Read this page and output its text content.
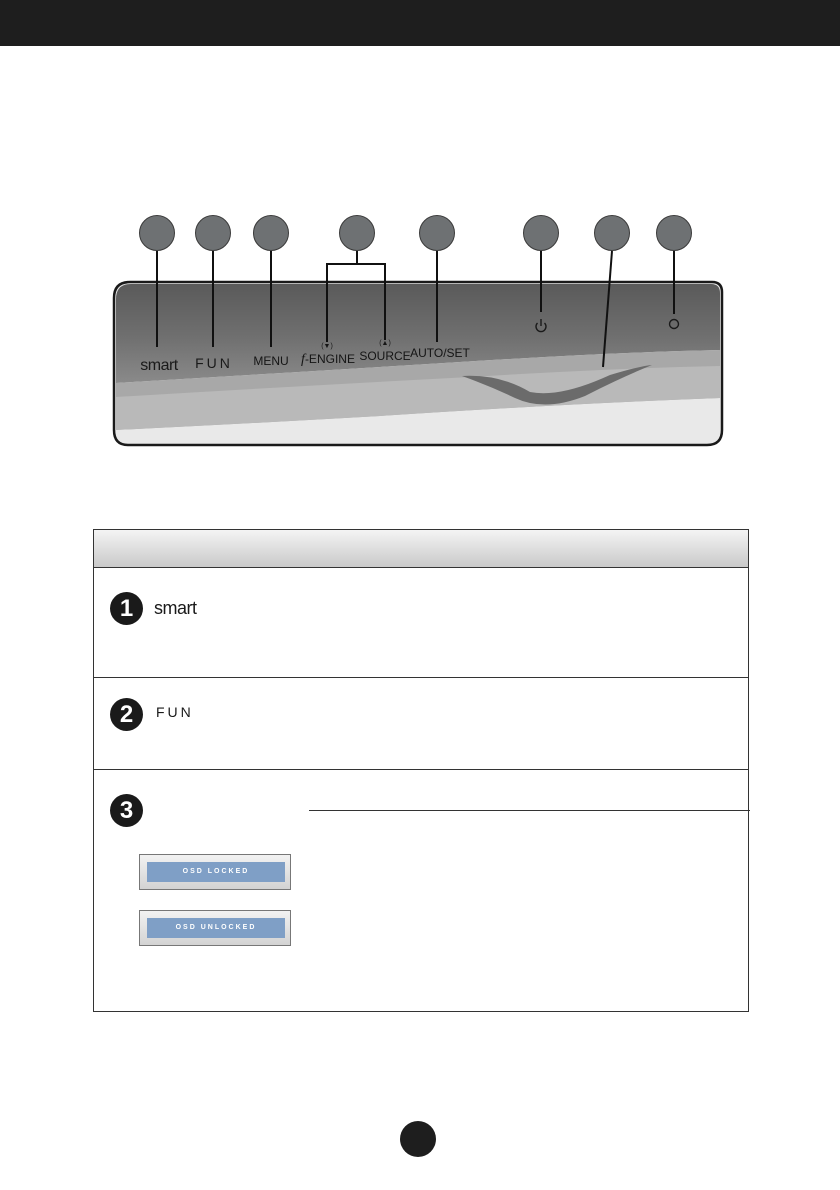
smart FUN MENU
(▼)
f-ENGINE
(▲)
SOURCE AUTO/SET
1	smart
2	FUN
3
OSD LOCKED
OSD UNLOCKED
